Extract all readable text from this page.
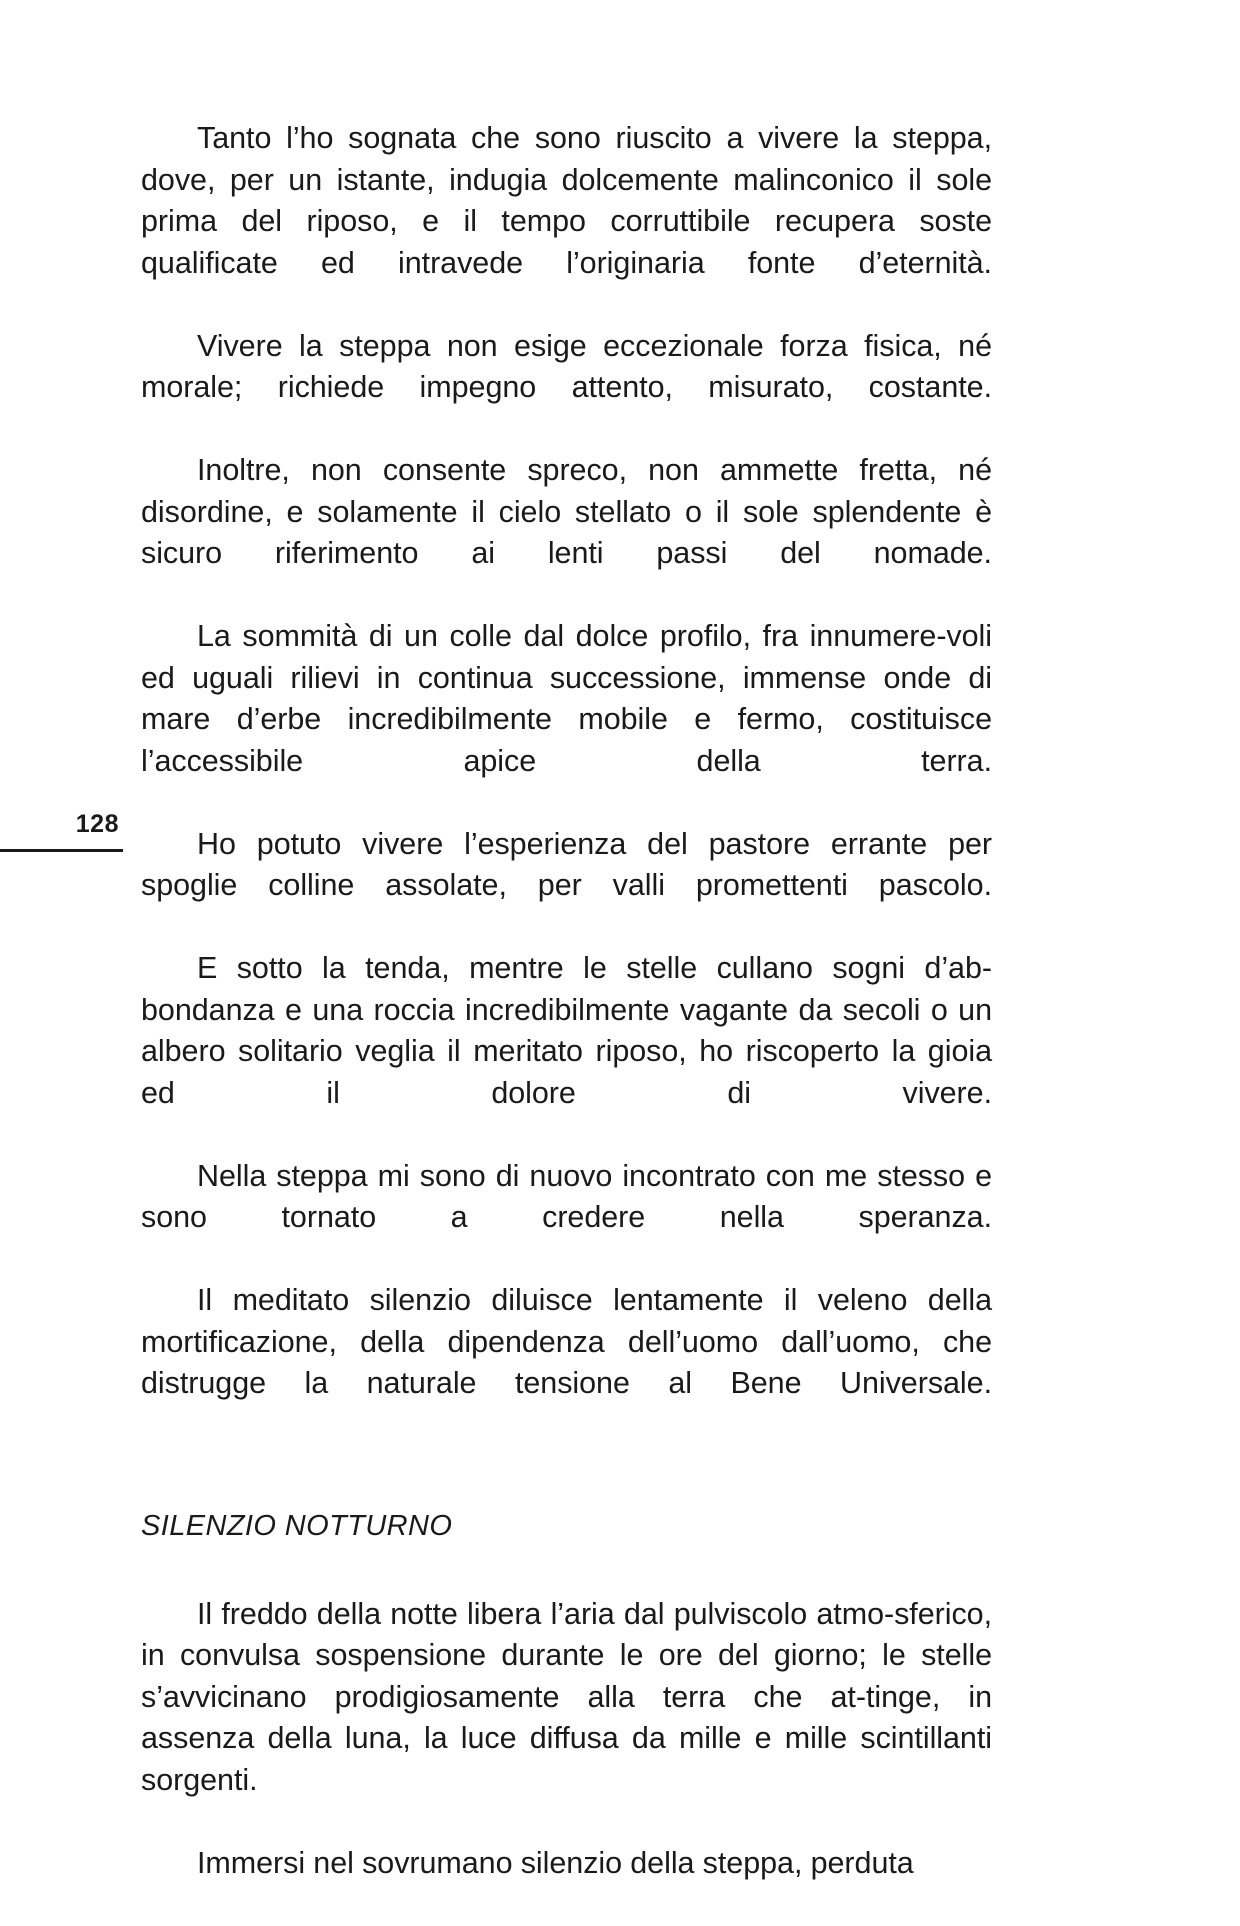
128

Tanto l’ho sognata che sono riuscito a vivere la steppa, dove, per un istante, indugia dolcemente malinconico il sole prima del riposo, e il tempo corruttibile recupera soste qualificate ed intravede l’originaria fonte d’eternità.

Vivere la steppa non esige eccezionale forza fisica, né morale; richiede impegno attento, misurato, costante.

Inoltre, non consente spreco, non ammette fretta, né disordine, e solamente il cielo stellato o il sole splendente è sicuro riferimento ai lenti passi del nomade.

La sommità di un colle dal dolce profilo, fra innumere-voli ed uguali rilievi in continua successione, immense onde di mare d’erbe incredibilmente mobile e fermo, costituisce l’accessibile apice della terra.

Ho potuto vivere l’esperienza del pastore errante per spoglie colline assolate, per valli promettenti pascolo.

E sotto la tenda, mentre le stelle cullano sogni d’ab-bondanza e una roccia incredibilmente vagante da secoli o un albero solitario veglia il meritato riposo, ho riscoperto la gioia ed il dolore di vivere.

Nella steppa mi sono di nuovo incontrato con me stesso e sono tornato a credere nella speranza.

Il meditato silenzio diluisce lentamente il veleno della mortificazione, della dipendenza dell’uomo dall’uomo, che distrugge la naturale tensione al Bene Universale.

SILENZIO NOTTURNO

Il freddo della notte libera l’aria dal pulviscolo atmo-sferico, in convulsa sospensione durante le ore del giorno; le stelle s’avvicinano prodigiosamente alla terra che at-tinge, in assenza della luna, la luce diffusa da mille e mille scintillanti sorgenti.

Immersi nel sovrumano silenzio della steppa, perduta
